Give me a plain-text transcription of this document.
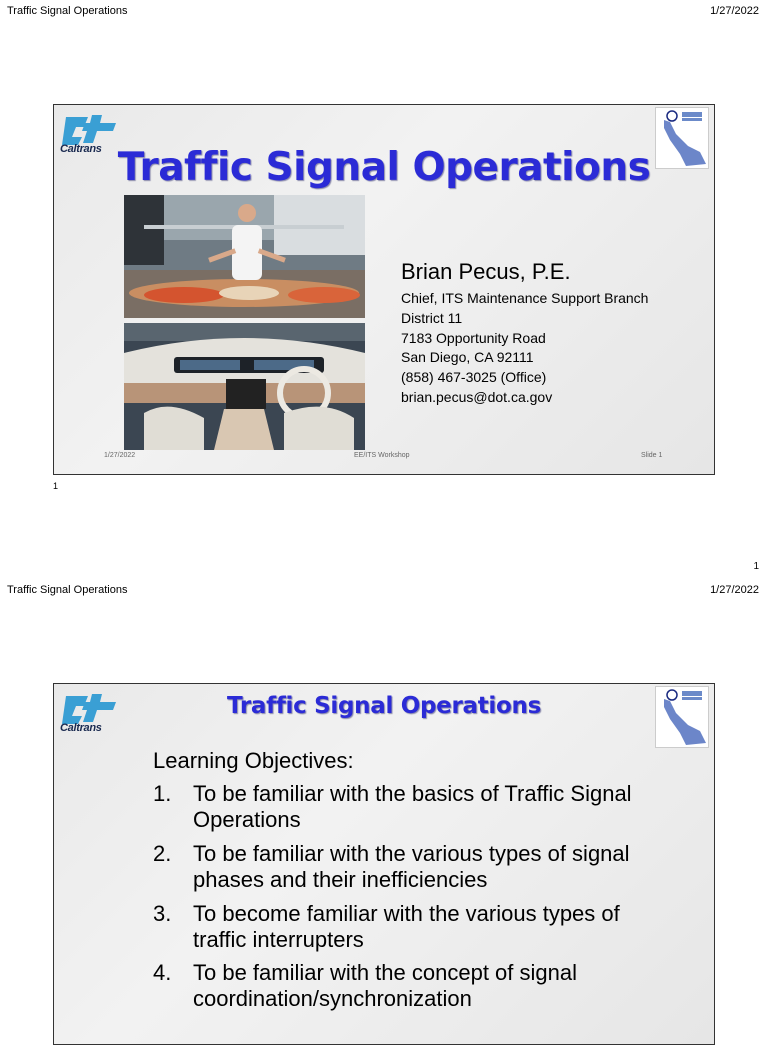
Traffic Signal Operations	1/27/2022
Caltrans Traffic Signal Operations
Brian Pecus, P.E.
Chief, ITS Maintenance Support Branch
District 11
7183 Opportunity Road
San Diego, CA 92111
(858) 467-3025 (Office)
brian.pecus@dot.ca.gov
1/27/2022	EE/ITS Workshop	Slide 1
1
1
Traffic Signal Operations	1/27/2022
Caltrans
Traffic Signal Operations
Learning Objectives:
1. To be familiar with the basics of Traffic Signal Operations
2. To be familiar with the various types of signal phases and their inefficiencies
3. To become familiar with the various types of traffic interrupters
4. To be familiar with the concept of signal coordination/synchronization
